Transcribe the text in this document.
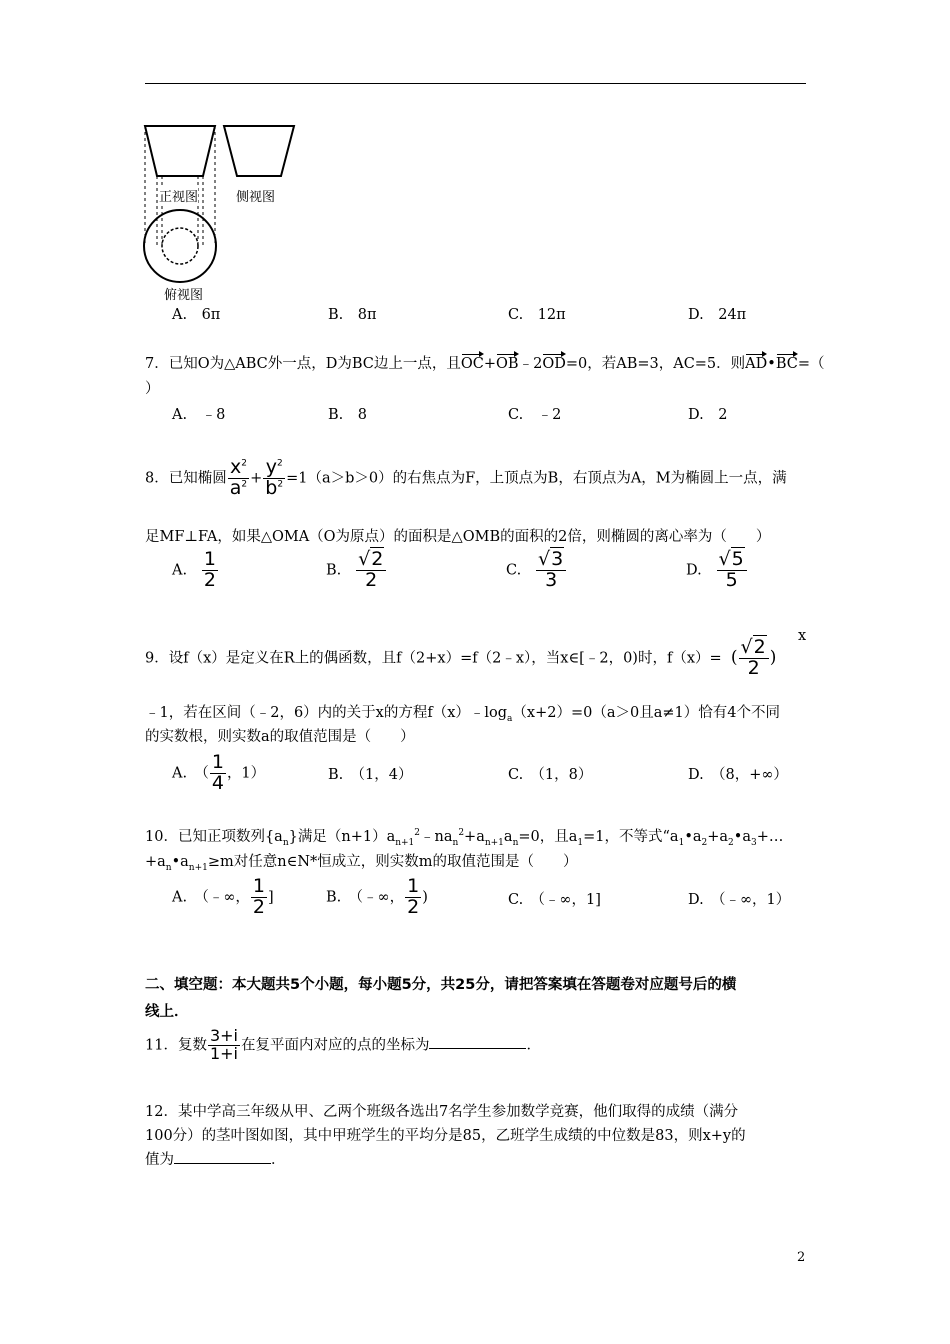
正视图	侧视图
俯视图
A.　6π	B.　8π	C.　12π	D.　24π
7．已知O为△ABC外一点，D为BC边上一点，且OC+OB﹣2OD=0，若AB=3，AC=5．则AD•BC=（
）
A.　﹣8	B.　8	C.　﹣2	D.　2
8．已知椭圆 $\frac{x^2}{a^2} + \frac{y^2}{b^2} =1(a>b>0)$的右焦点为F，上顶点为B，右顶点为A，M为椭圆上一点，满
足MF⊥FA，如果△OMA（O为原点）的面积是△OMB的面积的2倍，则椭圆的离心率为（　　）
A. $\frac{1}{2}$	B. $\frac{√2}{2}$	C. $\frac{√3}{3}$	D. $\frac{√5}{5}$
9．设f（x）是定义在R上的偶函数，且f（2+x）=f（2﹣x），当x∈[﹣2，0)时，f（x）= ( $\frac{√2}{2}$ )
x
﹣1，若在区间（﹣2，6）内的关于x的方程$f(x)﹣\log_a(x+2)=0(a>0$且a≠1）恰有4个不同
的实数根，则实数a的取值范围是（　　）
A.　（ $\frac{1}{4}$ ，1）	B.　（1，4）	C.　（1，8）	D.　（8，+∞）
10．已知正项数列$\{a_n\}$满足$(n+1)a_{n+1}^2﹣na_n^2+a_{n+1}a_n=0$，且$a_1=1$，不等式“$a_1•a_2+a_2•a_3+\dots$
$+a_n•a_{n+1}\ge m$对任意n∈N*恒成立，则实数m的取值范围是（　　）
A.　（﹣∞， $\frac{1}{2}$ ]	B.　（﹣∞， $\frac{1}{2}$ )	C.　（﹣∞，1]	D.　（﹣∞，1）
二、填空题：本大题共5个小题，每小题5分，共25分，请把答案填在答题卷对应题号后的横
线上．
11．复数 $\frac{3+i}{1+i}$ 在复平面内对应的点的坐标为	．
12．某中学高三年级从甲、乙两个班级各选出7名学生参加数学竞赛，他们取得的成绩（满分
100分）的茎叶图如图，其中甲班学生的平均分是85，乙班学生成绩的中位数是83，则x+y的
值为	．
2
